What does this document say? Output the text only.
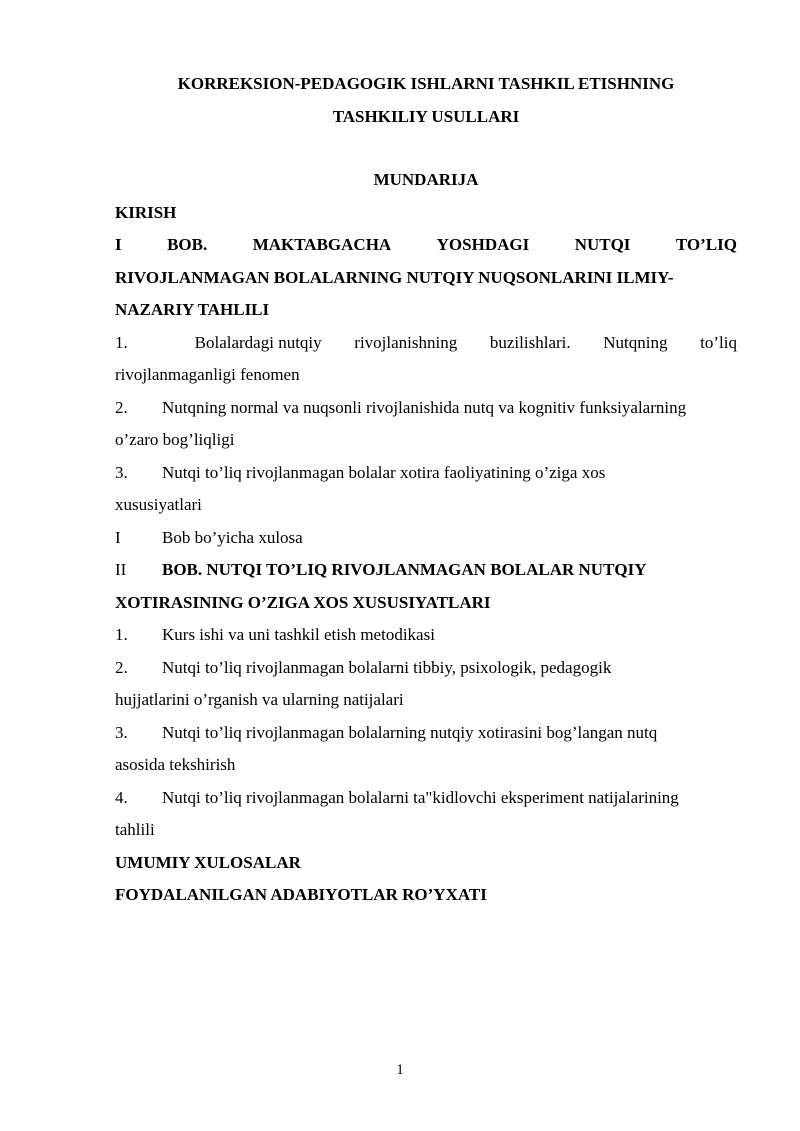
KORREKSION-PEDAGOGIK ISHLARNI TASHKIL ETISHNING
TASHKILIY USULLARI
MUNDARIJA
KIRISH
I	BOB.	MAKTABGACHA	YOSHDAGI	NUTQI	TO’LIQ
RIVOJLANMAGAN BOLALARNING NUTQIY NUQSONLARINI ILMIY-
NAZARIY TAHLILI
1.	Bolalardagi nutqiy rivojlanishning buzilishlari. Nutqning to’liq
rivojlanmaganligi fenomen
2. Nutqning normal va nuqsonli rivojlanishida nutq va kognitiv funksiyalarning
o’zaro bog’liqligi
3. Nutqi to’liq rivojlanmagan bolalar xotira faoliyatining o’ziga xos
xususiyatlari
I Bob bo’yicha xulosa
II BOB. NUTQI TO’LIQ RIVOJLANMAGAN BOLALAR NUTQIY
XOTIRASINING O’ZIGA XOS XUSUSIYATLARI
1. Kurs ishi va uni tashkil etish metodikasi
2. Nutqi to’liq rivojlanmagan bolalarni tibbiy, psixologik, pedagogik
hujjatlarini o’rganish va ularning natijalari
3. Nutqi to’liq rivojlanmagan bolalarning nutqiy xotirasini bog’langan nutq
asosida tekshirish
4. Nutqi to’liq rivojlanmagan bolalarni ta"kidlovchi eksperiment natijalarining
tahlili
UMUMIY XULOSALAR
FOYDALANILGAN ADABIYOTLAR RO’YXATI
1
